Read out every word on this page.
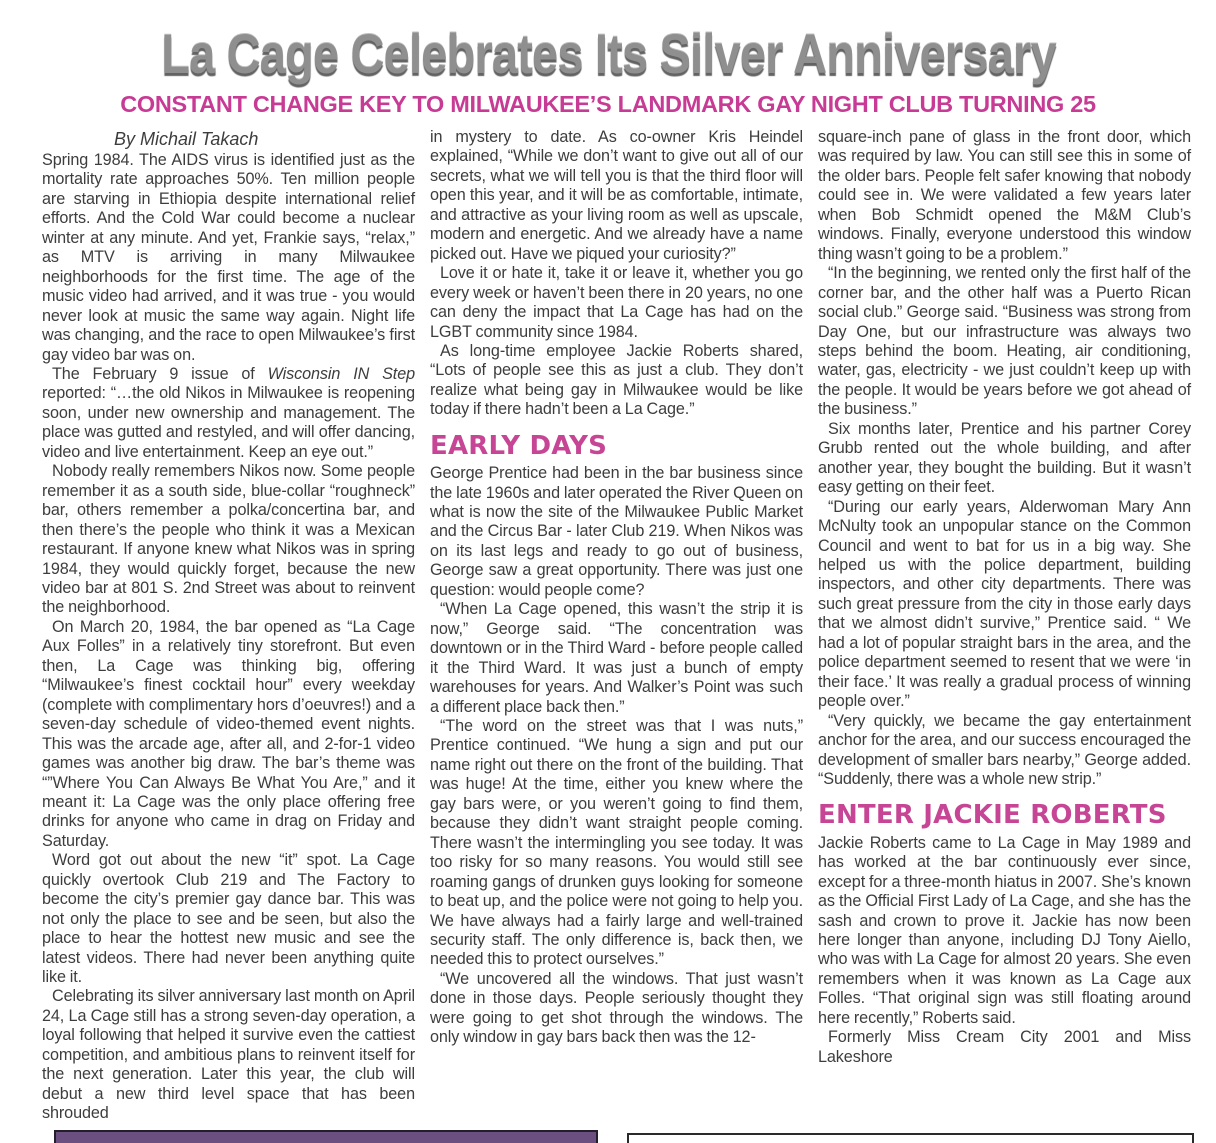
La Cage Celebrates Its Silver Anniversary
CONSTANT CHANGE KEY TO MILWAUKEE’S LANDMARK GAY NIGHT CLUB TURNING 25
By Michail Takach

Spring 1984. The AIDS virus is identified just as the mortality rate approaches 50%. Ten million people are starving in Ethiopia despite international relief efforts. And the Cold War could become a nuclear winter at any minute. And yet, Frankie says, “relax,” as MTV is arriving in many Milwaukee neighborhoods for the first time. The age of the music video had arrived, and it was true - you would never look at music the same way again. Night life was changing, and the race to open Milwaukee’s first gay video bar was on.

The February 9 issue of Wisconsin IN Step reported: “…the old Nikos in Milwaukee is reopening soon, under new ownership and management. The place was gutted and restyled, and will offer dancing, video and live entertainment. Keep an eye out.”

Nobody really remembers Nikos now. Some people remember it as a south side, blue-collar “roughneck” bar, others remember a polka/concertina bar, and then there’s the people who think it was a Mexican restaurant. If anyone knew what Nikos was in spring 1984, they would quickly forget, because the new video bar at 801 S. 2nd Street was about to reinvent the neighborhood.

On March 20, 1984, the bar opened as “La Cage Aux Folles” in a relatively tiny storefront. But even then, La Cage was thinking big, offering “Milwaukee’s finest cocktail hour” every weekday (complete with complimentary hors d’oeuvres!) and a seven-day schedule of video-themed event nights. This was the arcade age, after all, and 2-for-1 video games was another big draw. The bar’s theme was “”Where You Can Always Be What You Are,” and it meant it: La Cage was the only place offering free drinks for anyone who came in drag on Friday and Saturday.

Word got out about the new “it” spot. La Cage quickly overtook Club 219 and The Factory to become the city’s premier gay dance bar. This was not only the place to see and be seen, but also the place to hear the hottest new music and see the latest videos. There had never been anything quite like it.

Celebrating its silver anniversary last month on April 24, La Cage still has a strong seven-day operation, a loyal following that helped it survive even the cattiest competition, and ambitious plans to reinvent itself for the next generation. Later this year, the club will debut a new third level space that has been shrouded

in mystery to date. As co-owner Kris Heindel explained, “While we don’t want to give out all of our secrets, what we will tell you is that the third floor will open this year, and it will be as comfortable, intimate, and attractive as your living room as well as upscale, modern and energetic. And we already have a name picked out. Have we piqued your curiosity?”

Love it or hate it, take it or leave it, whether you go every week or haven’t been there in 20 years, no one can deny the impact that La Cage has had on the LGBT community since 1984.

As long-time employee Jackie Roberts shared, “Lots of people see this as just a club. They don’t realize what being gay in Milwaukee would be like today if there hadn’t been a La Cage.”

EARLY DAYS

George Prentice had been in the bar business since the late 1960s and later operated the River Queen on what is now the site of the Milwaukee Public Market and the Circus Bar - later Club 219. When Nikos was on its last legs and ready to go out of business, George saw a great opportunity. There was just one question: would people come?

“When La Cage opened, this wasn’t the strip it is now,” George said. “The concentration was downtown or in the Third Ward - before people called it the Third Ward. It was just a bunch of empty warehouses for years. And Walker’s Point was such a different place back then.”

“The word on the street was that I was nuts,” Prentice continued. “We hung a sign and put our name right out there on the front of the building. That was huge! At the time, either you knew where the gay bars were, or you weren’t going to find them, because they didn’t want straight people coming. There wasn’t the intermingling you see today. It was too risky for so many reasons. You would still see roaming gangs of drunken guys looking for someone to beat up, and the police were not going to help you. We have always had a fairly large and well-trained security staff. The only difference is, back then, we needed this to protect ourselves.”

“We uncovered all the windows. That just wasn’t done in those days. People seriously thought they were going to get shot through the windows. The only window in gay bars back then was the 12-

square-inch pane of glass in the front door, which was required by law. You can still see this in some of the older bars. People felt safer knowing that nobody could see in. We were validated a few years later when Bob Schmidt opened the M&M Club’s windows. Finally, everyone understood this window thing wasn’t going to be a problem.”

“In the beginning, we rented only the first half of the corner bar, and the other half was a Puerto Rican social club.” George said. “Business was strong from Day One, but our infrastructure was always two steps behind the boom. Heating, air conditioning, water, gas, electricity - we just couldn’t keep up with the people. It would be years before we got ahead of the business.”

Six months later, Prentice and his partner Corey Grubb rented out the whole building, and after another year, they bought the building. But it wasn’t easy getting on their feet.

“During our early years, Alderwoman Mary Ann McNulty took an unpopular stance on the Common Council and went to bat for us in a big way. She helped us with the police department, building inspectors, and other city departments. There was such great pressure from the city in those early days that we almost didn’t survive,” Prentice said. “ We had a lot of popular straight bars in the area, and the police department seemed to resent that we were ‘in their face.’ It was really a gradual process of winning people over.”

“Very quickly, we became the gay entertainment anchor for the area, and our success encouraged the development of smaller bars nearby,” George added. “Suddenly, there was a whole new strip.”

ENTER JACKIE ROBERTS

Jackie Roberts came to La Cage in May 1989 and has worked at the bar continuously ever since, except for a three-month hiatus in 2007. She’s known as the Official First Lady of La Cage, and she has the sash and crown to prove it. Jackie has now been here longer than anyone, including DJ Tony Aiello, who was with La Cage for almost 20 years. She even remembers when it was known as La Cage aux Folles. “That original sign was still floating around here recently,” Roberts said.

Formerly Miss Cream City 2001 and Miss Lakeshore
